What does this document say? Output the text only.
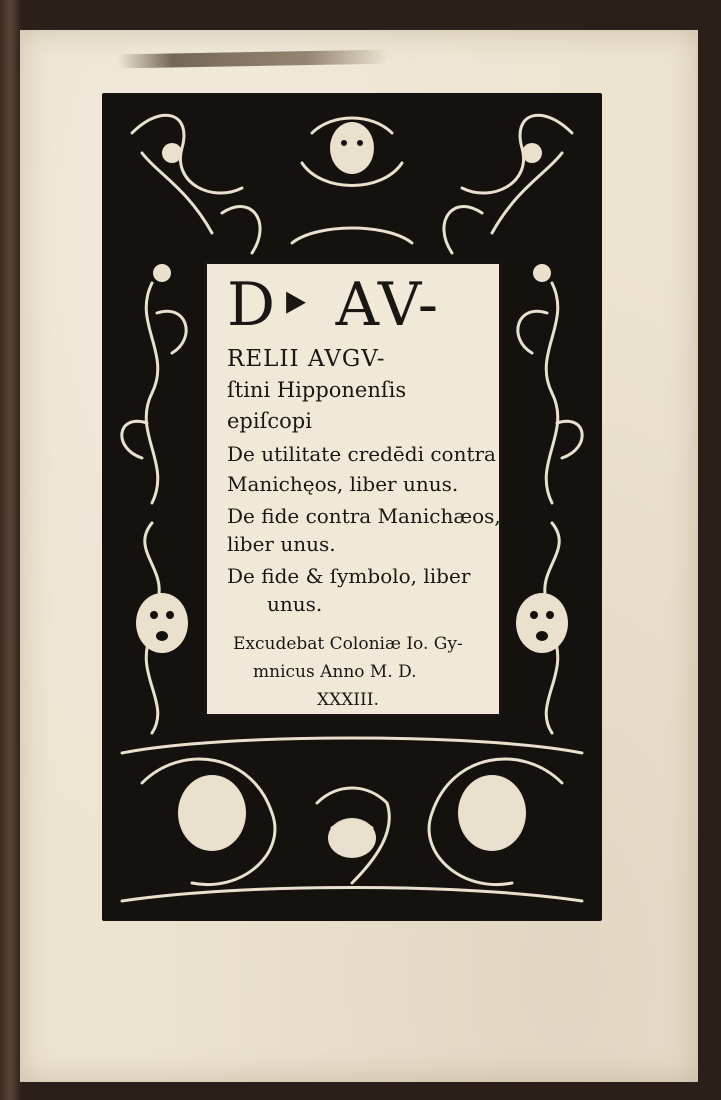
D‣ AV-
RELII AVGV-
ſtini Hipponenſis
epiſcopi
De utilitate credēdi contra
Manichęos, liber unus.
De fide contra Manichæos,
liber unus.
De fide & ſymbolo, liber
unus.
Excudebat Coloniæ Io. Gy-
mnicus Anno M. D.
XXXIII.
